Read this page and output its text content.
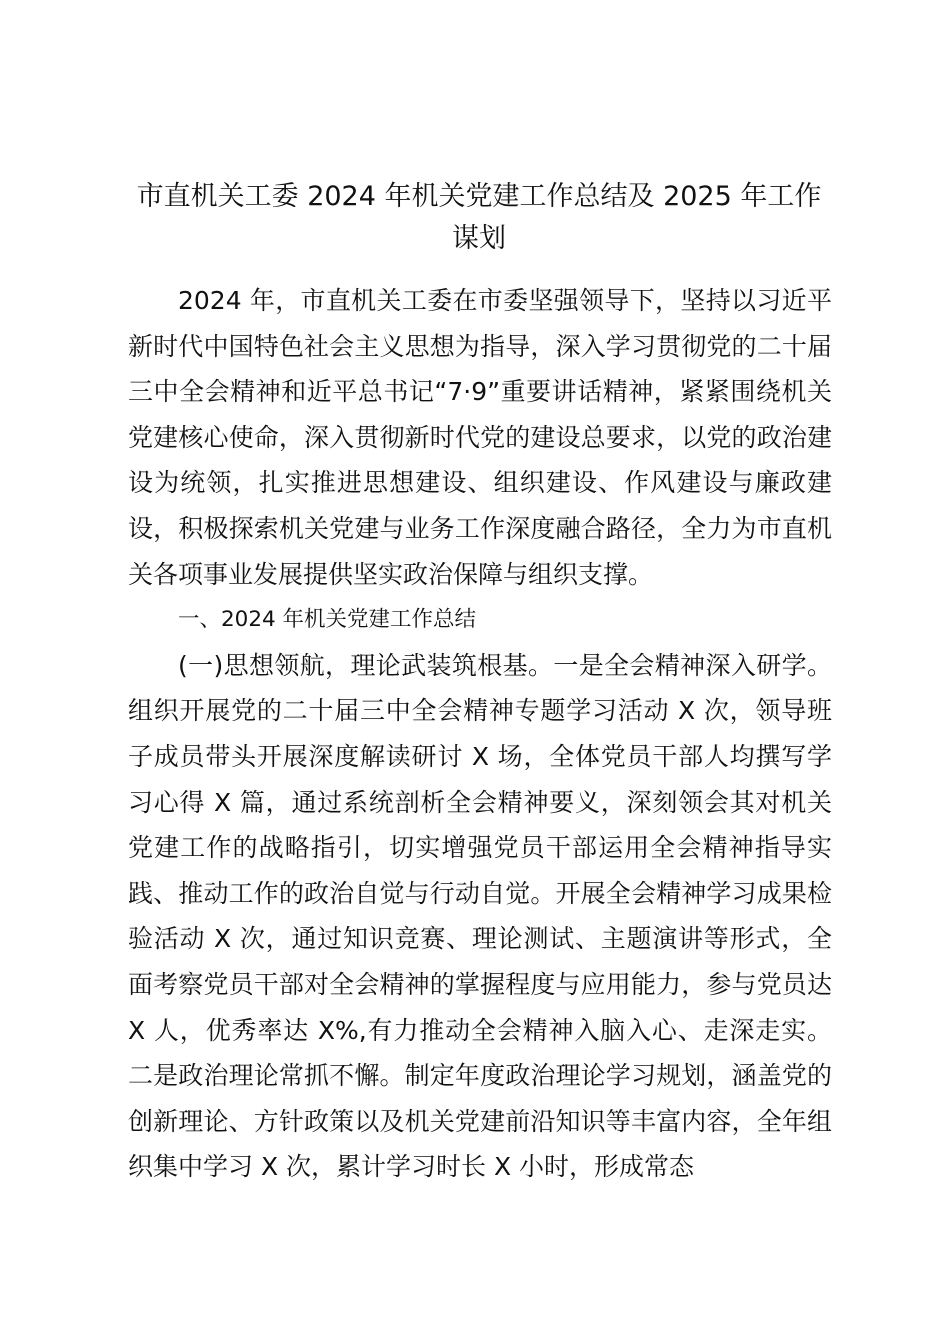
市直机关工委 2024 年机关党建工作总结及 2025 年工作谋划

2024 年，市直机关工委在市委坚强领导下，坚持以习近平新时代中国特色社会主义思想为指导，深入学习贯彻党的二十届三中全会精神和近平总书记“7·9”重要讲话精神，紧紧围绕机关党建核心使命，深入贯彻新时代党的建设总要求，以党的政治建设为统领，扎实推进思想建设、组织建设、作风建设与廉政建设，积极探索机关党建与业务工作深度融合路径，全力为市直机关各项事业发展提供坚实政治保障与组织支撑。

一、2024 年机关党建工作总结

(一)思想领航，理论武装筑根基。一是全会精神深入研学。组织开展党的二十届三中全会精神专题学习活动 X 次，领导班子成员带头开展深度解读研讨 X 场，全体党员干部人均撰写学习心得 X 篇，通过系统剖析全会精神要义，深刻领会其对机关党建工作的战略指引，切实增强党员干部运用全会精神指导实践、推动工作的政治自觉与行动自觉。开展全会精神学习成果检验活动 X 次，通过知识竞赛、理论测试、主题演讲等形式，全面考察党员干部对全会精神的掌握程度与应用能力，参与党员达 X 人，优秀率达 X%,有力推动全会精神入脑入心、走深走实。二是政治理论常抓不懈。制定年度政治理论学习规划，涵盖党的创新理论、方针政策以及机关党建前沿知识等丰富内容，全年组织集中学习 X 次，累计学习时长 X 小时，形成常态
